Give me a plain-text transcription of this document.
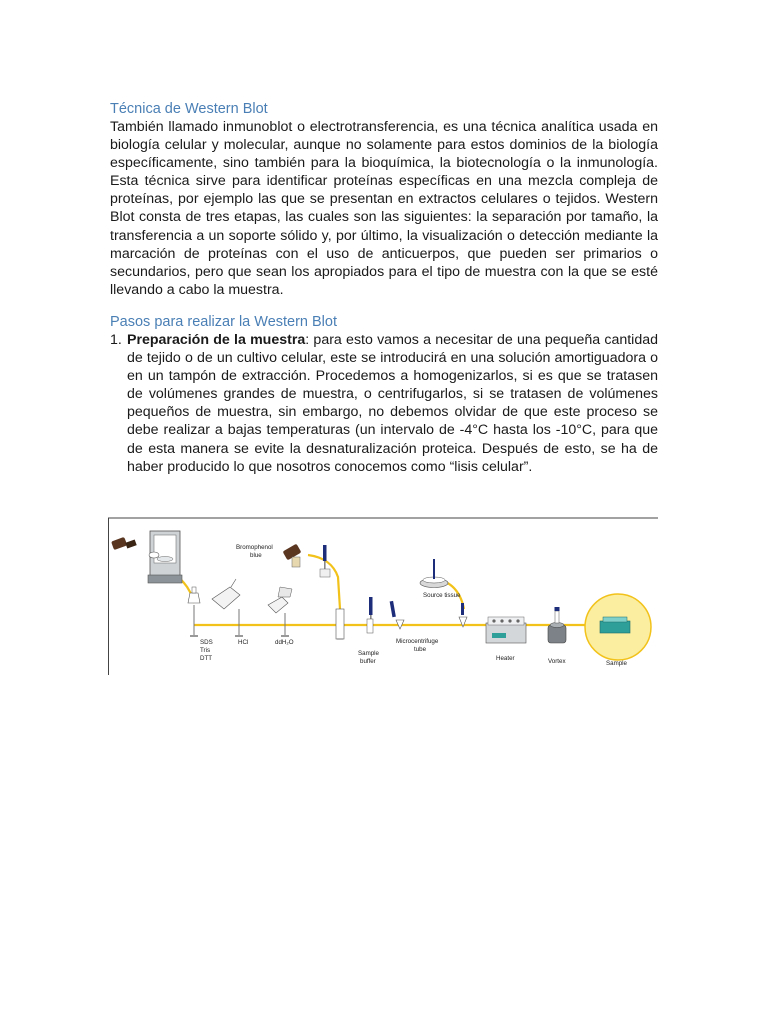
Técnica de Western Blot

También llamado inmunoblot o electrotransferencia, es una técnica analítica usada en biología celular y molecular, aunque no solamente para estos dominios de la biología específicamente, sino también para la bioquímica, la biotecnología o la inmunología. Esta técnica sirve para identificar proteínas específicas en una mezcla compleja de proteínas, por ejemplo las que se presentan en extractos celulares o tejidos. Western Blot consta de tres etapas, las cuales son las siguientes: la separación por tamaño, la transferencia a un soporte sólido y, por último, la visualización o detección mediante la marcación de proteínas con el uso de anticuerpos, que pueden ser primarios o secundarios, pero que sean los apropiados para el tipo de muestra con la que se esté llevando a cabo la muestra.

Pasos para realizar la Western Blot
1. Preparación de la muestra: para esto vamos a necesitar de una pequeña cantidad de tejido o de un cultivo celular, este se introducirá en una solución amortiguadora o en un tampón de extracción. Procedemos a homogenizarlos, si es que se tratasen de volúmenes grandes de muestra, o centrifugarlos, si se tratasen de volúmenes pequeños de muestra, sin embargo, no debemos olvidar de que este proceso se debe realizar a bajas temperaturas (un intervalo de -4°C hasta los -10°C, para que de esta manera se evite la desnaturalización proteica. Después de esto, se ha de haber producido lo que nosotros conocemos como “lisis celular”.
Bromophenol
blue
SDS
Tris
DTT
HCl	ddH₂O
Sample
buffer
Microcentrifuge
tube
Source tissue
Heater	Vortex	Sample
